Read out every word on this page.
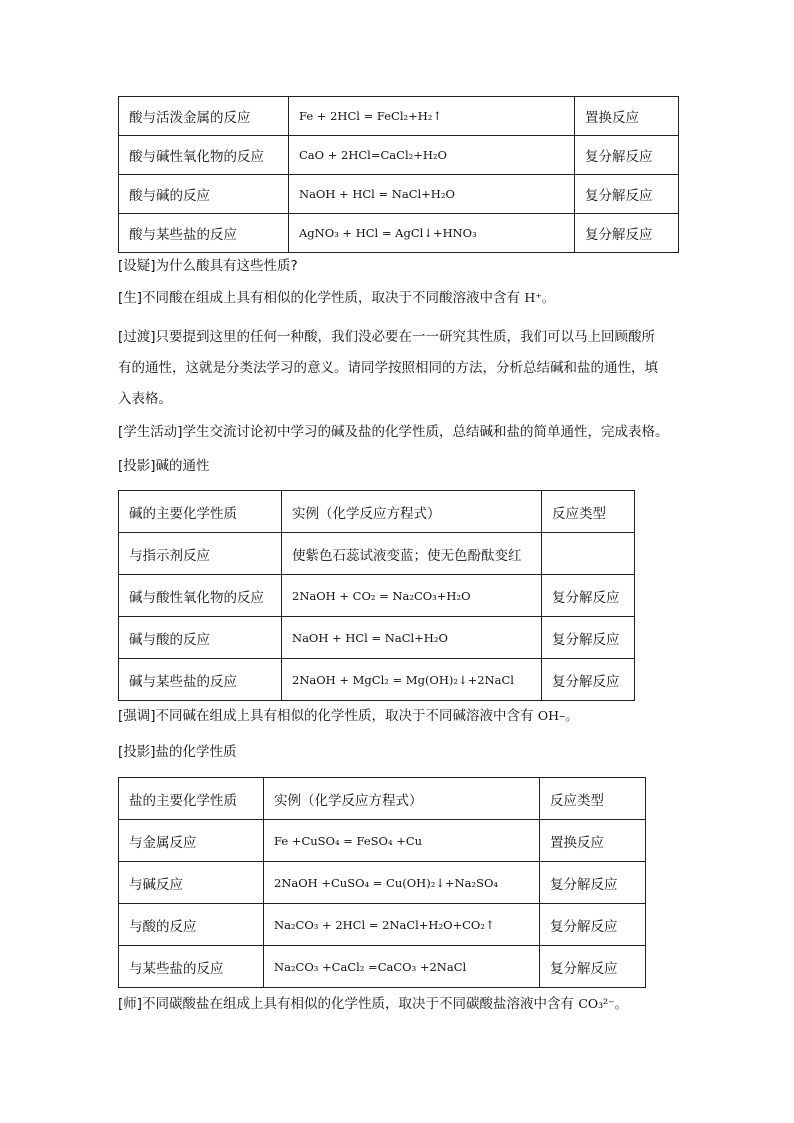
酸与活泼金属的反应	Fe + 2HCl = FeCl₂+H₂↑	置换反应
酸与碱性氧化物的反应	CaO + 2HCl=CaCl₂+H₂O	复分解反应
酸与碱的反应	NaOH + HCl = NaCl+H₂O	复分解反应
酸与某些盐的反应	AgNO₃ + HCl = AgCl↓+HNO₃	复分解反应
[设疑]为什么酸具有这些性质?
[生]不同酸在组成上具有相似的化学性质，取决于不同酸溶液中含有 H⁺。
[过渡]只要提到这里的任何一种酸，我们没必要在一一研究其性质，我们可以马上回顾酸所
有的通性，这就是分类法学习的意义。请同学按照相同的方法，分析总结碱和盐的通性，填
入表格。
[学生活动]学生交流讨论初中学习的碱及盐的化学性质，总结碱和盐的简单通性，完成表格。
[投影]碱的通性
碱的主要化学性质	实例（化学反应方程式）	反应类型
与指示剂反应	使紫色石蕊试液变蓝；使无色酚酞变红	
碱与酸性氧化物的反应	2NaOH + CO₂ = Na₂CO₃+H₂O	复分解反应
碱与酸的反应	NaOH + HCl = NaCl+H₂O	复分解反应
碱与某些盐的反应	2NaOH + MgCl₂ = Mg(OH)₂↓+2NaCl	复分解反应
[强调]不同碱在组成上具有相似的化学性质，取决于不同碱溶液中含有 OH–。
[投影]盐的化学性质
盐的主要化学性质	实例（化学反应方程式）	反应类型
与金属反应	Fe +CuSO₄ = FeSO₄ +Cu	置换反应
与碱反应	2NaOH +CuSO₄ = Cu(OH)₂↓+Na₂SO₄	复分解反应
与酸的反应	Na₂CO₃ + 2HCl = 2NaCl+H₂O+CO₂↑	复分解反应
与某些盐的反应	Na₂CO₃ +CaCl₂ =CaCO₃ +2NaCl	复分解反应
[师]不同碳酸盐在组成上具有相似的化学性质，取决于不同碳酸盐溶液中含有 CO₃²⁻。
